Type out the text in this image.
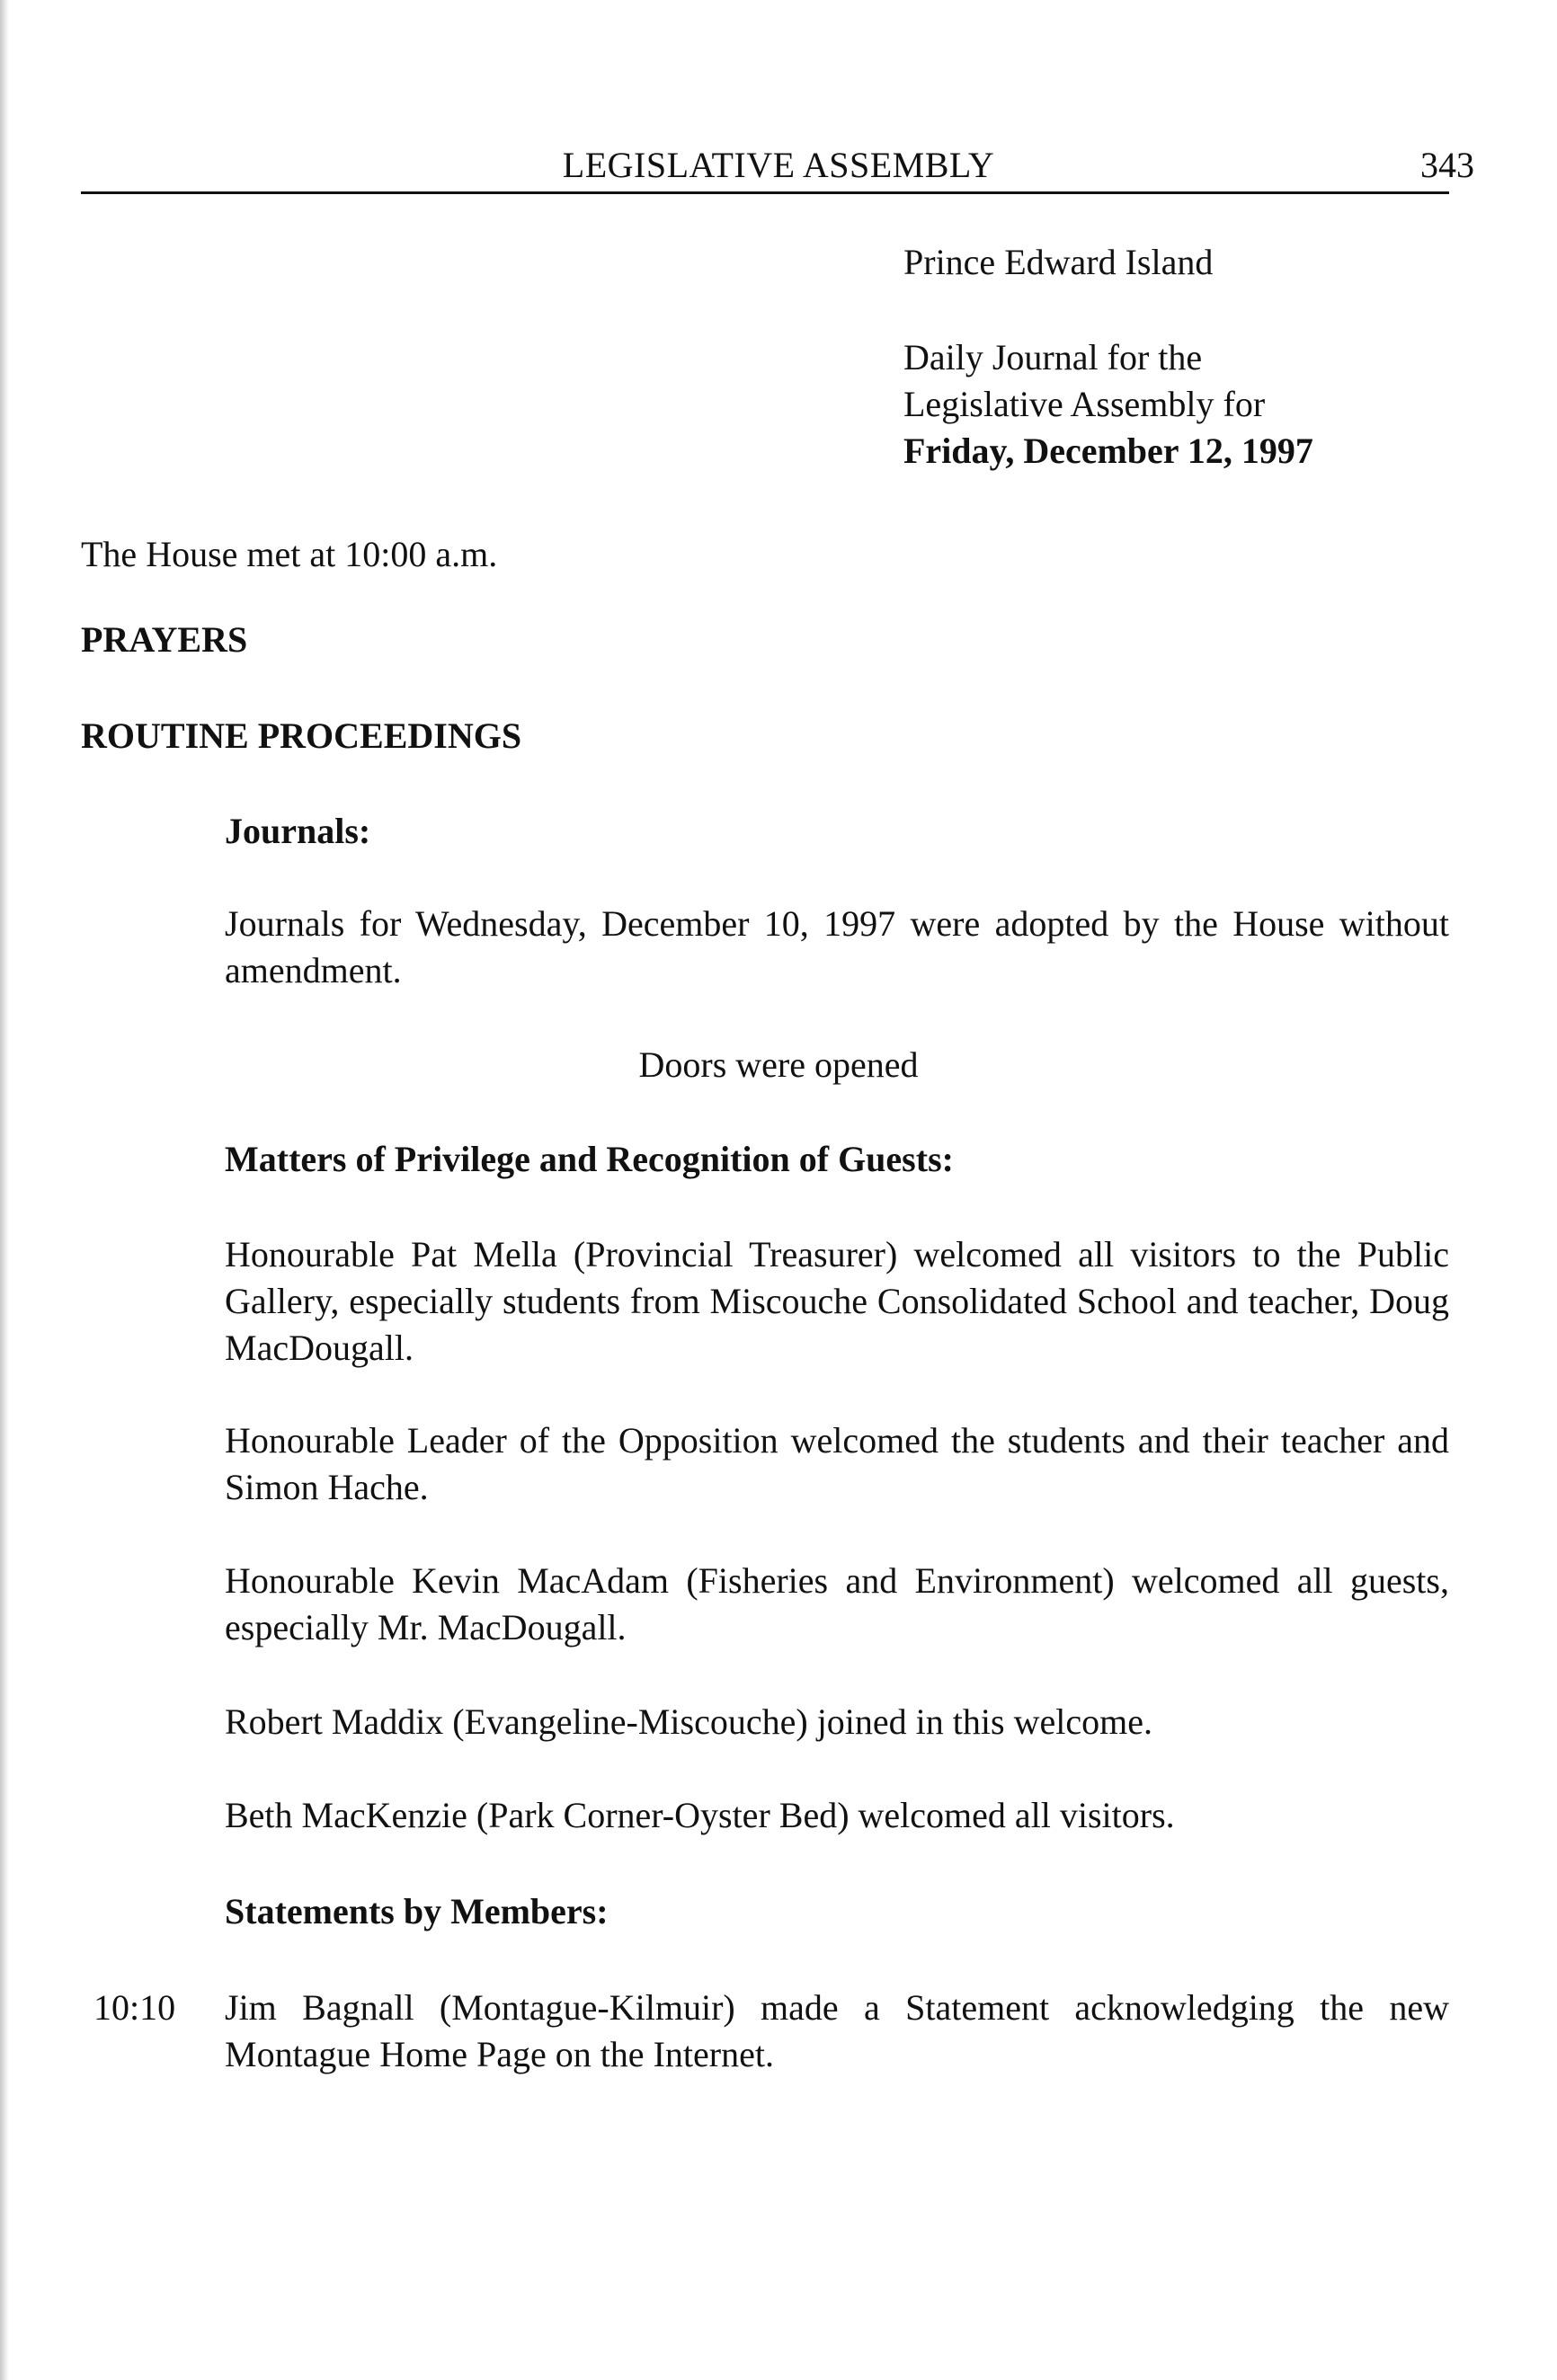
LEGISLATIVE ASSEMBLY	343
Prince Edward Island
Daily Journal for the
Legislative Assembly for
Friday, December 12, 1997
The House met at 10:00 a.m.
PRAYERS
ROUTINE PROCEEDINGS
Journals:
Journals for Wednesday, December 10, 1997 were adopted by the House without amendment.
Doors were opened
Matters of Privilege and Recognition of Guests:
Honourable Pat Mella (Provincial Treasurer) welcomed all visitors to the Public Gallery, especially students from Miscouche Consolidated School and teacher, Doug MacDougall.
Honourable Leader of the Opposition welcomed the students and their teacher and Simon Hache.
Honourable Kevin MacAdam (Fisheries and Environment) welcomed all guests, especially Mr. MacDougall.
Robert Maddix (Evangeline-Miscouche) joined in this welcome.
Beth MacKenzie (Park Corner-Oyster Bed) welcomed all visitors.
Statements by Members:
10:10 Jim Bagnall (Montague-Kilmuir) made a Statement acknowledging the new Montague Home Page on the Internet.
